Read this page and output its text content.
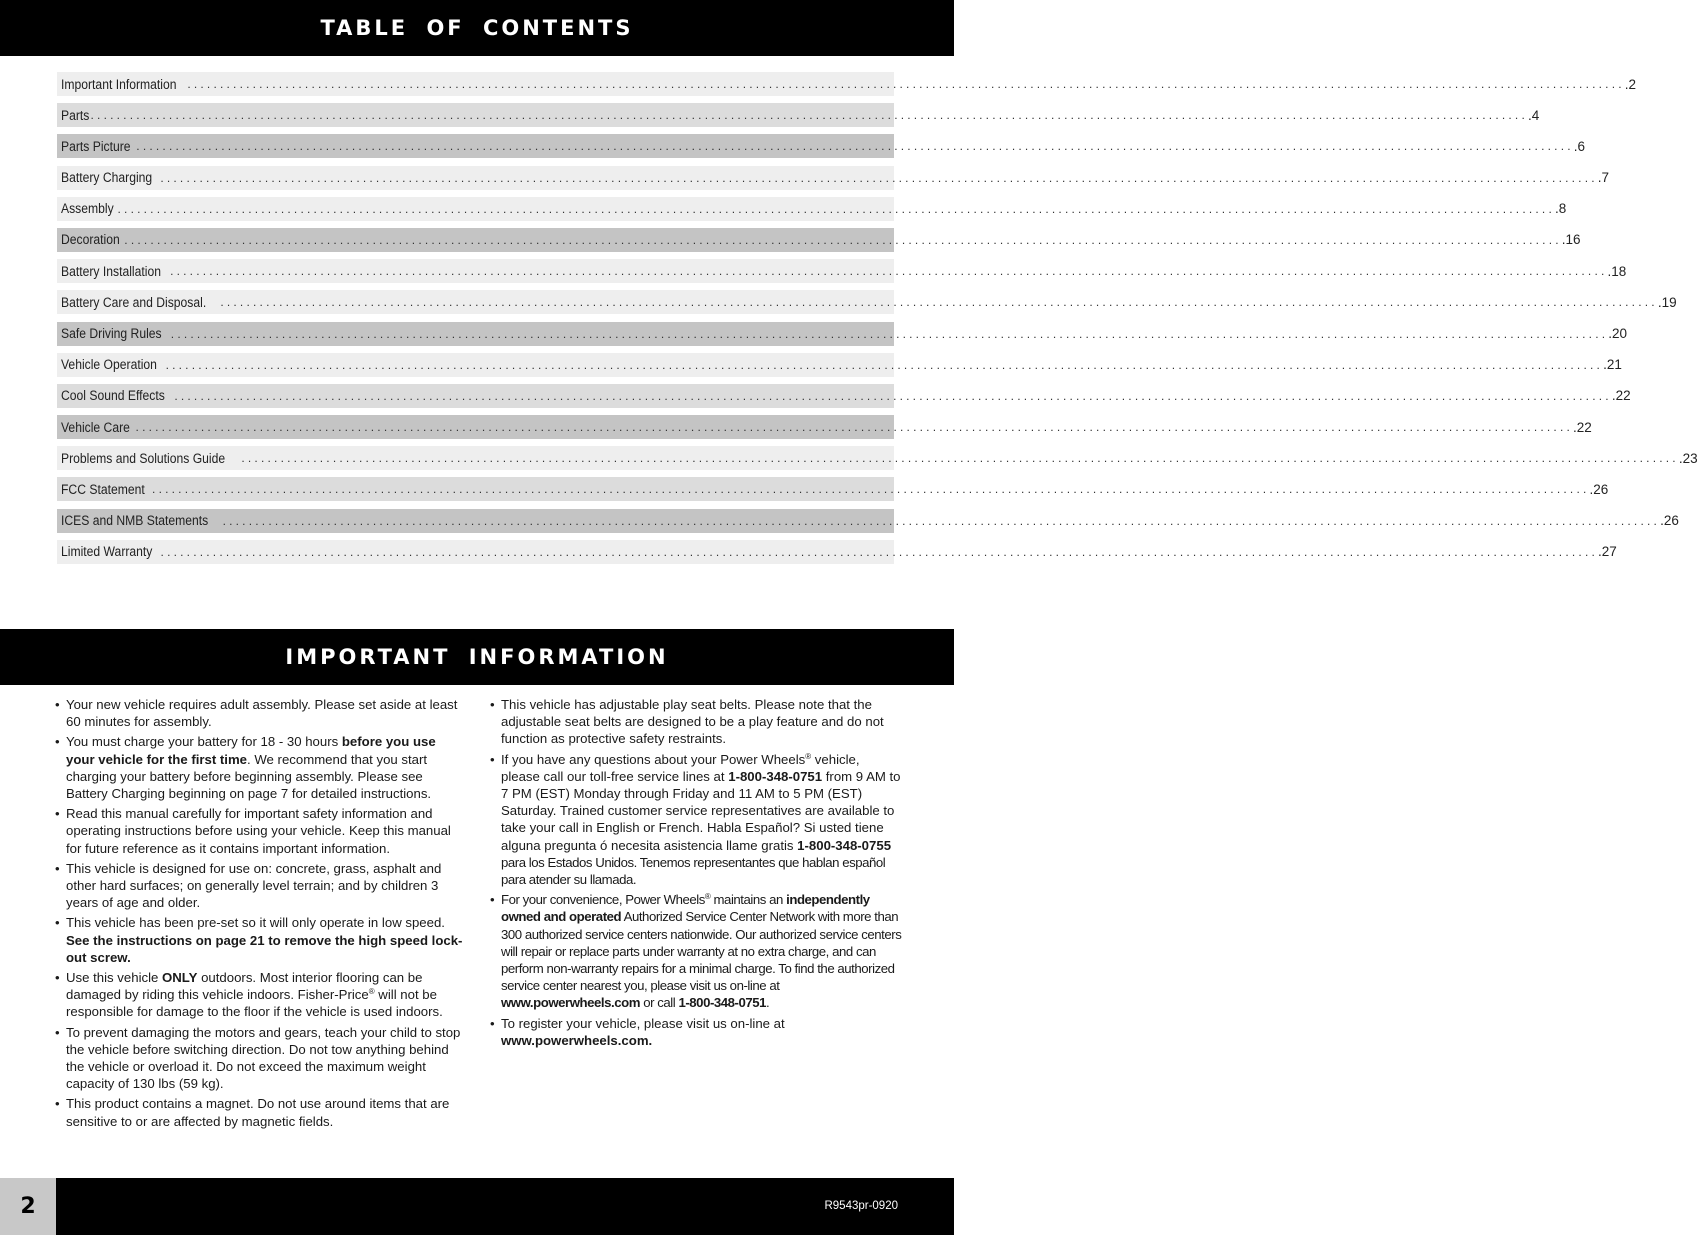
TABLE OF CONTENTS
Important Information ............................................................................................................................................................................................................................ .2
Parts ............................................................................................................................................................................................................................ .4
Parts Picture ............................................................................................................................................................................................................................ .6
Battery Charging ............................................................................................................................................................................................................................ .7
Assembly ............................................................................................................................................................................................................................ .8
Decoration ............................................................................................................................................................................................................................ .16
Battery Installation ............................................................................................................................................................................................................................ .18
Battery Care and Disposal.	............................................................................................................................................................................................................................ .19
Safe Driving Rules ............................................................................................................................................................................................................................ .20
Vehicle Operation ............................................................................................................................................................................................................................ .21
Cool Sound Effects ............................................................................................................................................................................................................................ .22
Vehicle Care ............................................................................................................................................................................................................................ .22
Problems and Solutions Guide	............................................................................................................................................................................................................................ .23
FCC Statement ............................................................................................................................................................................................................................ .26
ICES and NMB Statements	............................................................................................................................................................................................................................ .26
Limited Warranty ............................................................................................................................................................................................................................ .27
IMPORTANT INFORMATION
• Your new vehicle requires adult assembly. Please set aside at least 60 minutes for assembly.
• You must charge your battery for 18 - 30 hours before you use your vehicle for the first time. We recommend that you start charging your battery before beginning assembly. Please see Battery Charging beginning on page 7 for detailed instructions.
• Read this manual carefully for important safety information and operating instructions before using your vehicle. Keep this manual for future reference as it contains important information.
• This vehicle is designed for use on: concrete, grass, asphalt and other hard surfaces; on generally level terrain; and by children 3 years of age and older.
• This vehicle has been pre-set so it will only operate in low speed. See the instructions on page 21 to remove the high speed lock-out screw.
• Use this vehicle ONLY outdoors. Most interior flooring can be damaged by riding this vehicle indoors. Fisher-Price® will not be responsible for damage to the floor if the vehicle is used indoors.
• To prevent damaging the motors and gears, teach your child to stop the vehicle before switching direction. Do not tow anything behind the vehicle or overload it. Do not exceed the maximum weight capacity of 130 lbs (59 kg).
• This product contains a magnet. Do not use around items that are sensitive to or are affected by magnetic fields.
• This vehicle has adjustable play seat belts. Please note that the adjustable seat belts are designed to be a play feature and do not function as protective safety restraints.
• If you have any questions about your Power Wheels® vehicle, please call our toll-free service lines at 1-800-348-0751 from 9 AM to 7 PM (EST) Monday through Friday and 11 AM to 5 PM (EST) Saturday. Trained customer service representatives are available to take your call in English or French. Habla Español? Si usted tiene alguna pregunta ó necesita asistencia llame gratis 1-800-348-0755 para los Estados Unidos. Tenemos representantes que hablan español para atender su llamada.
• For your convenience, Power Wheels® maintains an independently owned and operated Authorized Service Center Network with more than 300 authorized service centers nationwide. Our authorized service centers will repair or replace parts under warranty at no extra charge, and can perform non-warranty repairs for a minimal charge. To find the authorized service center nearest you, please visit us on-line at www.powerwheels.com or call 1-800-348-0751.
• To register your vehicle, please visit us on-line at www.powerwheels.com.
2	R9543pr-0920
